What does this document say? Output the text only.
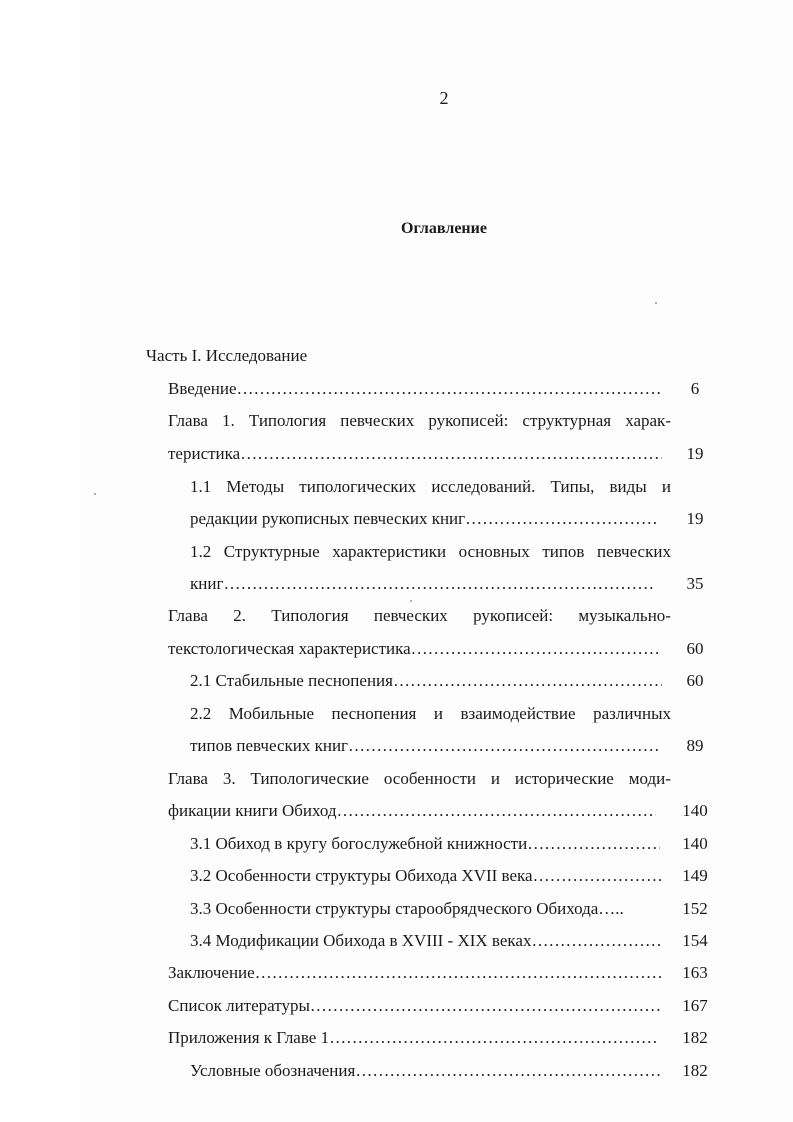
2
Оглавление
Часть I. Исследование
Введение ………………………………………………………………………………………………………………………	6
Глава 1. Типология певческих рукописей: структурная харак-
теристика ………………………………………………………………………………………………………………………	19
1.1 Методы типологических исследований. Типы, виды и
редакции рукописных певческих книг ………………………………………………………………………………………………………………………	19
1.2 Структурные характеристики основных типов певческих
книг ………………………………………………………………………………………………………………………	35
Глава 2. Типология певческих рукописей: музыкально-
текстологическая характеристика ………………………………………………………………………………………………………………………	60
2.1 Стабильные песнопения ………………………………………………………………………………………………………………………	60
2.2 Мобильные песнопения и взаимодействие различных
типов певческих книг ………………………………………………………………………………………………………………………	89
Глава 3. Типологические особенности и исторические моди-
фикации книги Обиход ………………………………………………………………………………………………………………………	140
3.1 Обиход в кругу богослужебной книжности ………………………………………………………………………………………………………………………	140
3.2 Особенности структуры Обихода XVII века ………………………………………………………………………………………………………………………	149
3.3 Особенности структуры старообрядческого Обихода…..	152
3.4 Модификации Обихода в XVIII - XIX веках ………………………………………………………………………………………………………………………	154
Заключение ………………………………………………………………………………………………………………………	163
Список литературы ………………………………………………………………………………………………………………………	167
Приложения к Главе 1 ………………………………………………………………………………………………………………………	182
Условные обозначения ………………………………………………………………………………………………………………………	182
